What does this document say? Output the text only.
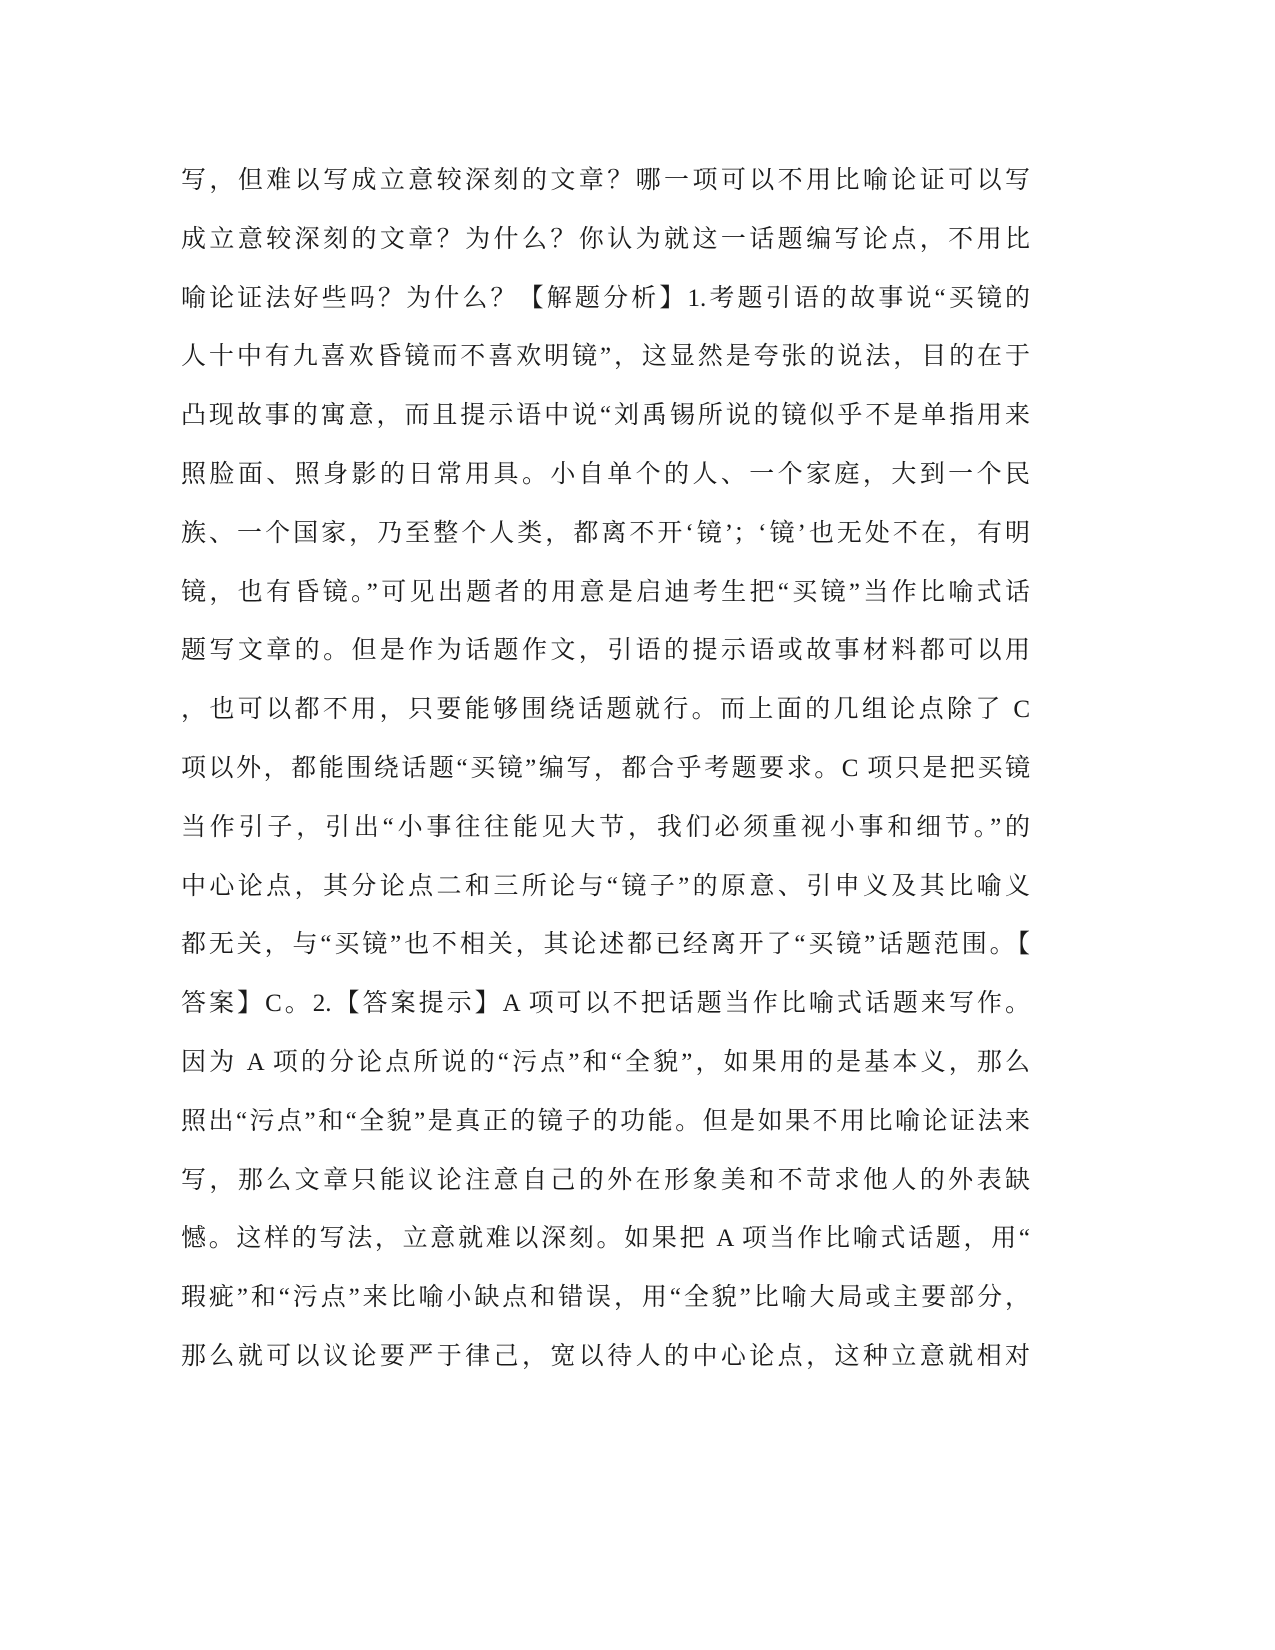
写，但难以写成立意较深刻的文章？哪一项可以不用比喻论证可以写
成立意较深刻的文章？为什么？你认为就这一话题编写论点，不用比
喻论证法好些吗？为什么？【解题分析】1.考题引语的故事说“买镜的
人十中有九喜欢昏镜而不喜欢明镜”，这显然是夸张的说法，目的在于
凸现故事的寓意，而且提示语中说“刘禹锡所说的镜似乎不是单指用来
照脸面、照身影的日常用具。小自单个的人、一个家庭，大到一个民
族、一个国家，乃至整个人类，都离不开‘镜’；‘镜’也无处不在，有明
镜，也有昏镜。”可见出题者的用意是启迪考生把“买镜”当作比喻式话
题写文章的。但是作为话题作文，引语的提示语或故事材料都可以用
，也可以都不用，只要能够围绕话题就行。而上面的几组论点除了 C
项以外，都能围绕话题“买镜”编写，都合乎考题要求。C 项只是把买镜
当作引子，引出“小事往往能见大节，我们必须重视小事和细节。”的
中心论点，其分论点二和三所论与“镜子”的原意、引申义及其比喻义
都无关，与“买镜”也不相关，其论述都已经离开了“买镜”话题范围。【
答案】C。2.【答案提示】A 项可以不把话题当作比喻式话题来写作。
因为 A 项的分论点所说的“污点”和“全貌”，如果用的是基本义，那么
照出“污点”和“全貌”是真正的镜子的功能。但是如果不用比喻论证法来
写，那么文章只能议论注意自己的外在形象美和不苛求他人的外表缺
憾。这样的写法，立意就难以深刻。如果把 A 项当作比喻式话题，用“
瑕疵”和“污点”来比喻小缺点和错误，用“全貌”比喻大局或主要部分，
那么就可以议论要严于律己，宽以待人的中心论点，这种立意就相对
